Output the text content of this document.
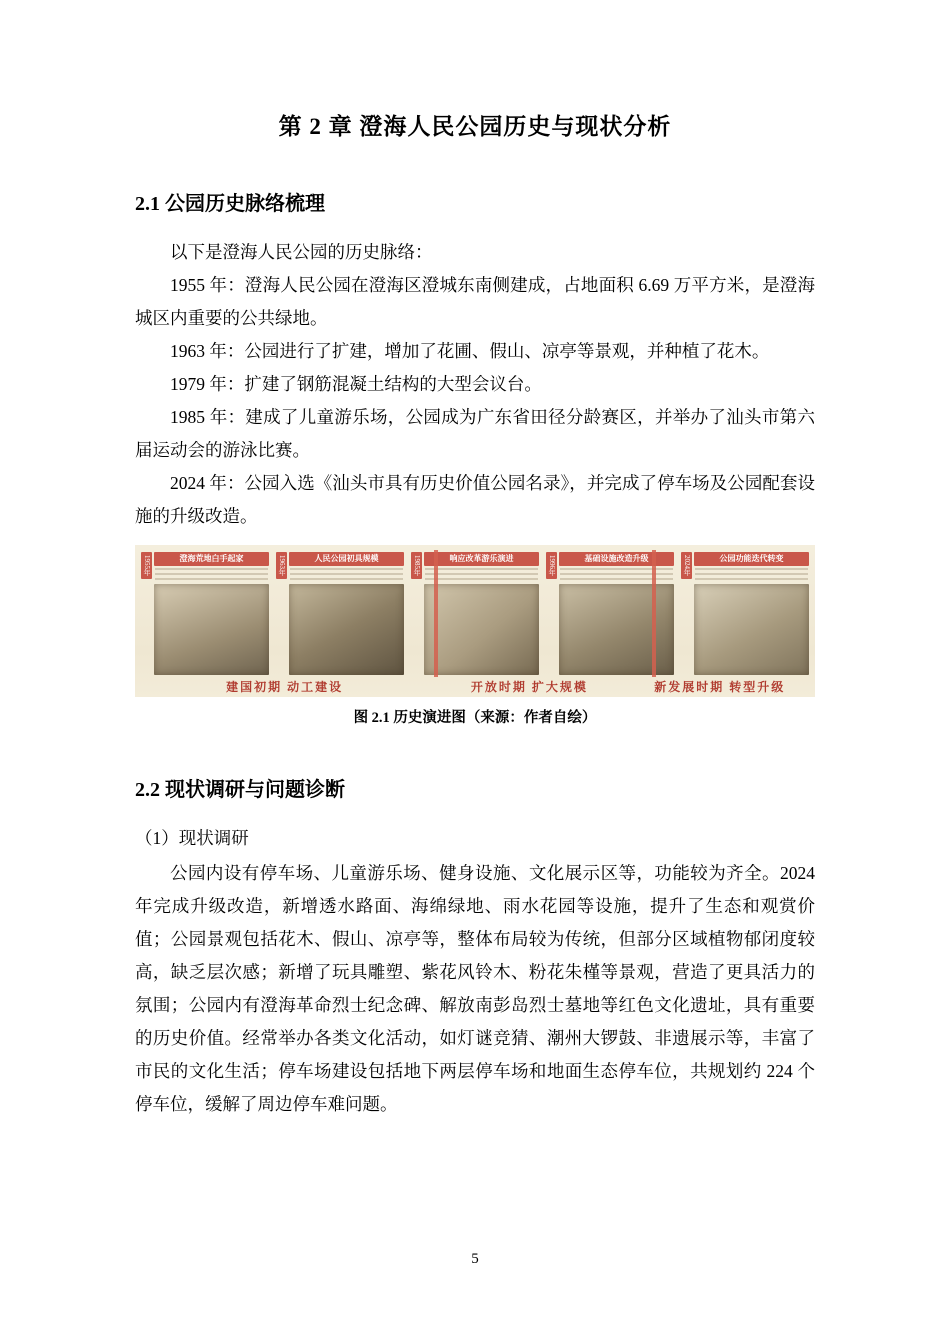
第 2 章 澄海人民公园历史与现状分析
2.1 公园历史脉络梳理

以下是澄海人民公园的历史脉络：

1955 年：澄海人民公园在澄海区澄城东南侧建成，占地面积 6.69 万平方米，是澄海城区内重要的公共绿地。

1963 年：公园进行了扩建，增加了花圃、假山、凉亭等景观，并种植了花木。

1979 年：扩建了钢筋混凝土结构的大型会议台。

1985 年：建成了儿童游乐场，公园成为广东省田径分龄赛区，并举办了汕头市第六届运动会的游泳比赛。

2024 年：公园入选《汕头市具有历史价值公园名录》，并完成了停车场及公园配套设施的升级改造。

1955年	澄海荒地白手起家	1963年	人民公园初具规模	1985年	响应改革游乐演进	1996年	基础设施改造升级	2024年	公园功能迭代转变
建国初期 动工建设	开放时期 扩大规模	新发展时期 转型升级
图 2.1 历史演进图（来源：作者自绘）
2.2 现状调研与问题诊断

（1）现状调研

公园内设有停车场、儿童游乐场、健身设施、文化展示区等，功能较为齐全。2024 年完成升级改造，新增透水路面、海绵绿地、雨水花园等设施，提升了生态和观赏价值；公园景观包括花木、假山、凉亭等，整体布局较为传统，但部分区域植物郁闭度较高，缺乏层次感；新增了玩具雕塑、紫花风铃木、粉花朱槿等景观，营造了更具活力的氛围；公园内有澄海革命烈士纪念碑、解放南彭岛烈士墓地等红色文化遗址，具有重要的历史价值。经常举办各类文化活动，如灯谜竞猜、潮州大锣鼓、非遗展示等，丰富了市民的文化生活；停车场建设包括地下两层停车场和地面生态停车位，共规划约 224 个停车位，缓解了周边停车难问题。

5
